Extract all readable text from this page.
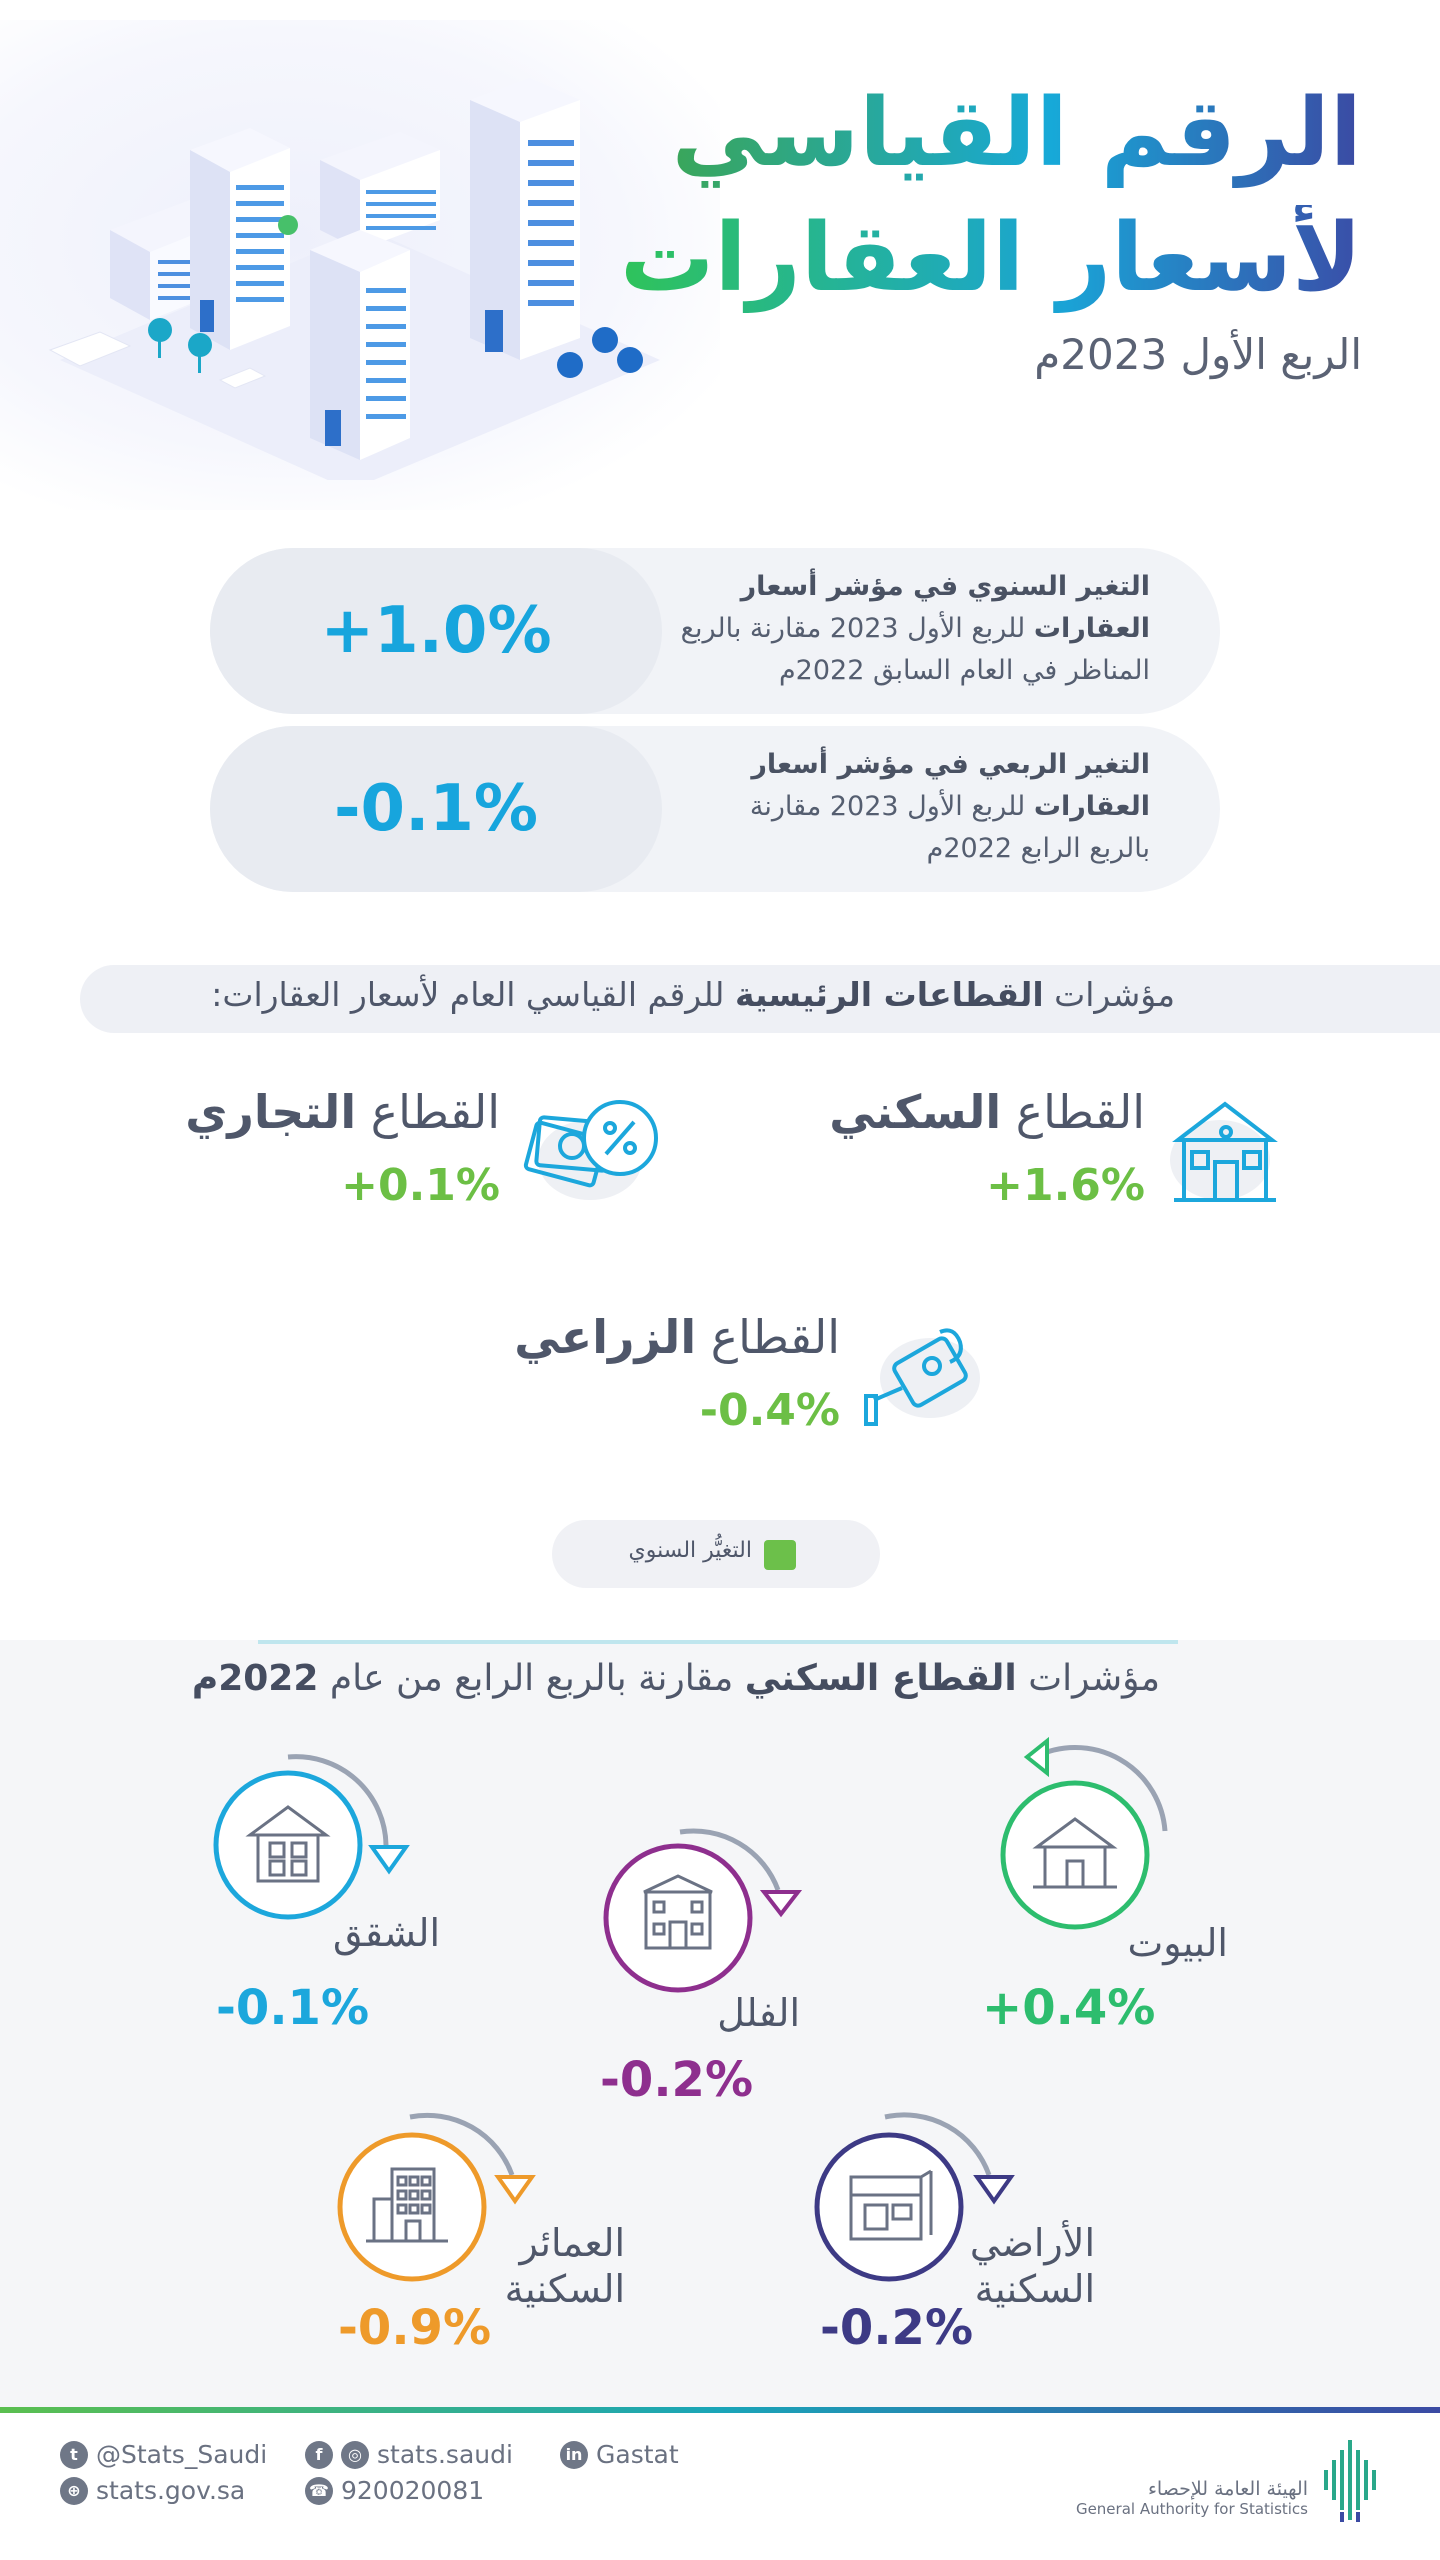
الرقم القياسي
لأسعار العقارات
الربع الأول 2023م
+1.0%
التغير السنوي في مؤشر أسعار العقارات للربع الأول 2023 مقارنة بالربع المناظر في العام السابق 2022م
-0.1%
التغير الربعي في مؤشر أسعار العقارات للربع الأول 2023 مقارنة بالربع الرابع 2022م
مؤشرات القطاعات الرئيسية للرقم القياسي العام لأسعار العقارات:
القطاع السكني
+1.6%
القطاع التجاري
+0.1%
القطاع الزراعي
-0.4%
التغيُّر السنوي
مؤشرات القطاع السكني مقارنة بالربع الرابع من عام 2022م
البيوت
+0.4%
الفلل
-0.2%
الشقق
-0.1%
الأراضي
السكنية
-0.2%
العمائر
السكنية
-0.9%
t @Stats_Saudi
⊕ stats.gov.sa
f	◎ stats.saudi
☎ 920020081
in Gastat
الهيئة العامة للإحصاء
General Authority for Statistics
